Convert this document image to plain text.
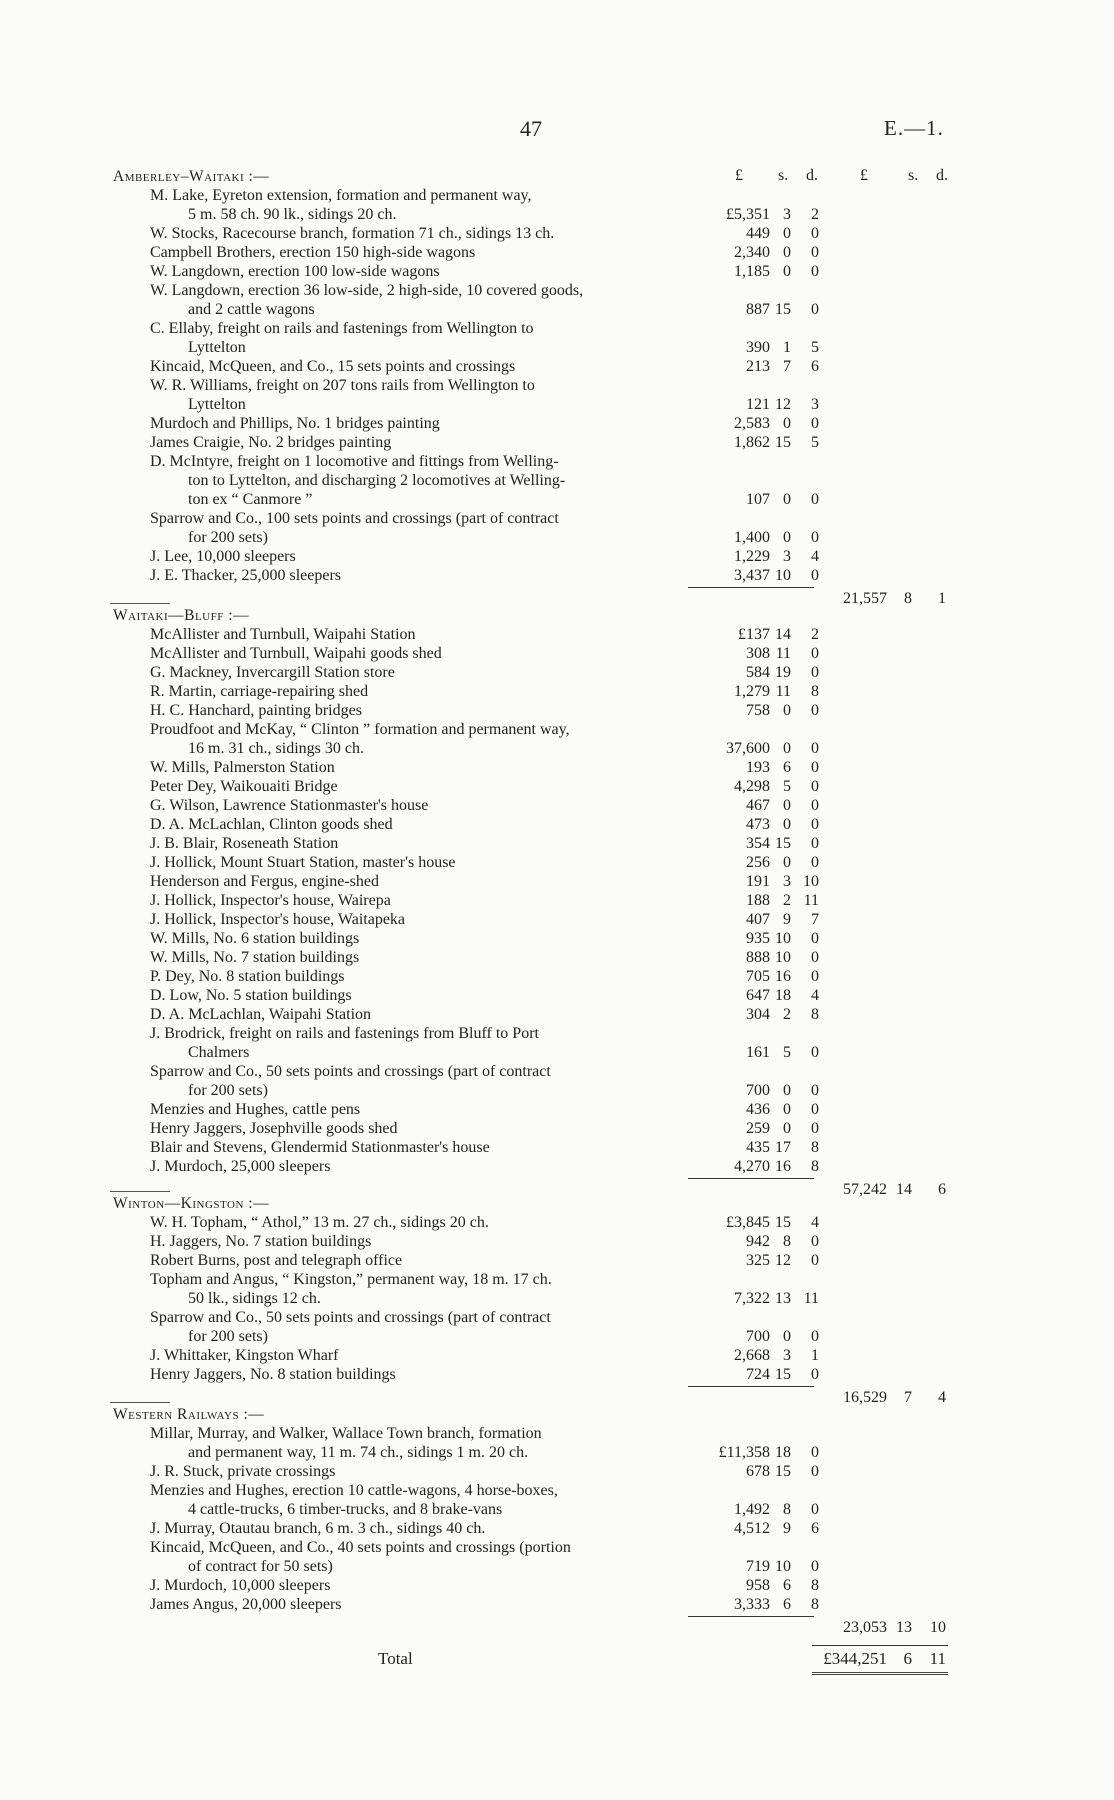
47	E.—1.
£ s. d.	£	s. d.
Amberley–Waitaki :—
M. Lake, Eyreton extension, formation and permanent way,
5 m. 58 ch. 90 lk., sidings 20 ch.	£5,351 3 2
W. Stocks, Racecourse branch, formation 71 ch., sidings 13 ch.	449 0 0
Campbell Brothers, erection 150 high-side wagons	2,340 0 0
W. Langdown, erection 100 low-side wagons	1,185 0 0
W. Langdown, erection 36 low-side, 2 high-side, 10 covered goods,
and 2 cattle wagons	887 15 0
C. Ellaby, freight on rails and fastenings from Wellington to
Lyttelton	390 1 5
Kincaid, McQueen, and Co., 15 sets points and crossings	213 7 6
W. R. Williams, freight on 207 tons rails from Wellington to
Lyttelton	121 12 3
Murdoch and Phillips, No. 1 bridges painting	2,583 0 0
James Craigie, No. 2 bridges painting	1,862 15 5
D. McIntyre, freight on 1 locomotive and fittings from Welling-
ton to Lyttelton, and discharging 2 locomotives at Welling-
ton ex “ Canmore ”	107 0 0
Sparrow and Co., 100 sets points and crossings (part of contract
for 200 sets)	1,400 0 0
J. Lee, 10,000 sleepers	1,229 3 4
J. E. Thacker, 25,000 sleepers	3,437 10 0
21,557 8 1
Waitaki—Bluff :—
McAllister and Turnbull, Waipahi Station	£137 14 2
McAllister and Turnbull, Waipahi goods shed	308 11 0
G. Mackney, Invercargill Station store	584 19 0
R. Martin, carriage-repairing shed	1,279 11 8
H. C. Hanchard, painting bridges	758 0 0
Proudfoot and McKay, “ Clinton ” formation and permanent way,
16 m. 31 ch., sidings 30 ch.	37,600 0 0
W. Mills, Palmerston Station	193 6 0
Peter Dey, Waikouaiti Bridge	4,298 5 0
G. Wilson, Lawrence Stationmaster's house	467 0 0
D. A. McLachlan, Clinton goods shed	473 0 0
J. B. Blair, Roseneath Station	354 15 0
J. Hollick, Mount Stuart Station, master's house	256 0 0
Henderson and Fergus, engine-shed	191 3 10
J. Hollick, Inspector's house, Wairepa	188 2 11
J. Hollick, Inspector's house, Waitapeka	407 9 7
W. Mills, No. 6 station buildings	935 10 0
W. Mills, No. 7 station buildings	888 10 0
P. Dey, No. 8 station buildings	705 16 0
D. Low, No. 5 station buildings	647 18 4
D. A. McLachlan, Waipahi Station	304 2 8
J. Brodrick, freight on rails and fastenings from Bluff to Port
Chalmers	161 5 0
Sparrow and Co., 50 sets points and crossings (part of contract
for 200 sets)	700 0 0
Menzies and Hughes, cattle pens	436 0 0
Henry Jaggers, Josephville goods shed	259 0 0
Blair and Stevens, Glendermid Stationmaster's house	435 17 8
J. Murdoch, 25,000 sleepers	4,270 16 8
57,242 14 6
Winton—Kingston :—
W. H. Topham, “ Athol,” 13 m. 27 ch., sidings 20 ch.	£3,845 15 4
H. Jaggers, No. 7 station buildings	942 8 0
Robert Burns, post and telegraph office	325 12 0
Topham and Angus, “ Kingston,” permanent way, 18 m. 17 ch.
50 lk., sidings 12 ch.	7,322 13 11
Sparrow and Co., 50 sets points and crossings (part of contract
for 200 sets)	700 0 0
J. Whittaker, Kingston Wharf	2,668 3 1
Henry Jaggers, No. 8 station buildings	724 15 0
16,529 7 4
Western Railways :—
Millar, Murray, and Walker, Wallace Town branch, formation
and permanent way, 11 m. 74 ch., sidings 1 m. 20 ch.	£11,358 18 0
J. R. Stuck, private crossings	678 15 0
Menzies and Hughes, erection 10 cattle-wagons, 4 horse-boxes,
4 cattle-trucks, 6 timber-trucks, and 8 brake-vans	1,492 8 0
J. Murray, Otautau branch, 6 m. 3 ch., sidings 40 ch.	4,512 9 6
Kincaid, McQueen, and Co., 40 sets points and crossings (portion
of contract for 50 sets)	719 10 0
J. Murdoch, 10,000 sleepers	958 6 8
James Angus, 20,000 sleepers	3,333 6 8
23,053 13 10
Total	£344,251 6 11
